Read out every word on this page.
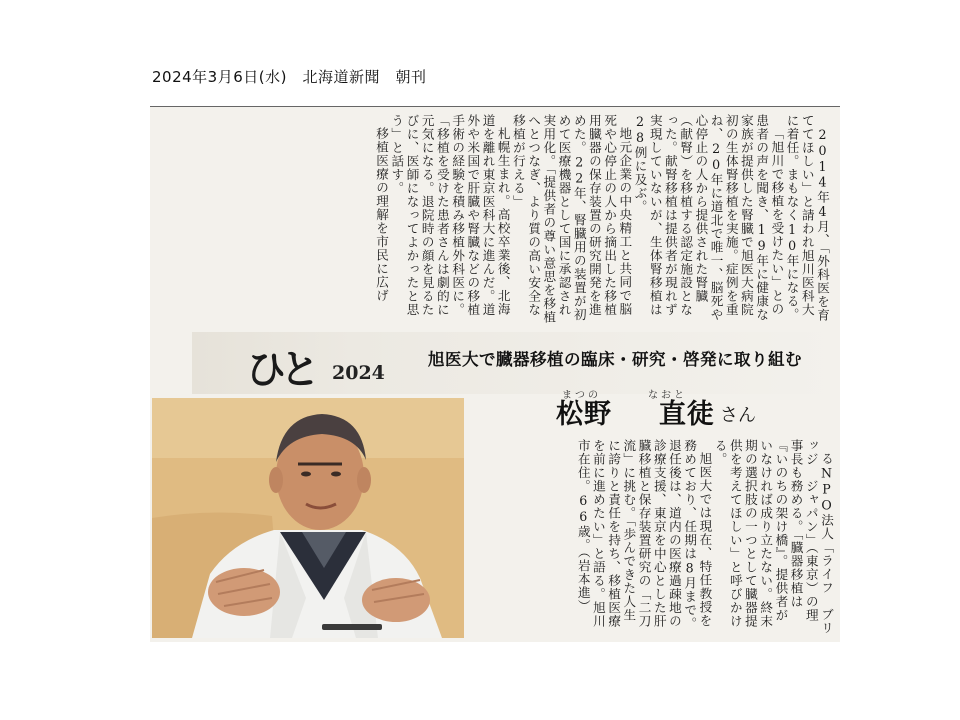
2024年3月6日(水)　北海道新聞　朝刊

2014年4月、「外科医を育ててほしい」と請われ旭川医科大に着任。まもなく10年になる。

「旭川で移植を受けたい」との患者の声を聞き、19年に健康な家族が提供した腎臓で旭医大病院初の生体腎移植を実施。症例を重ね、20年に道北で唯一、脳死や心停止の人から提供された腎臓（献腎）を移植する認定施設となった。献腎移植は提供者が現れず実現していないが、生体腎移植は28例に及ぶ。

地元企業の中央精工と共同で脳死や心停止の人から摘出した移植用臓器の保存装置の研究開発を進めた。22年、腎臓用の装置が初めて医療機器として国に承認され実用化。「提供者の尊い意思を移植へとつなぎ、より質の高い安全な移植が行える」

札幌生まれ。高校卒業後、北海道を離れ東京医科大に進んだ。道外や米国で肝臓や腎臓などの移植手術の経験を積み移植外科医に。「移植を受けた患者さんは劇的に元気になる。退院時の顔を見るたびに、医師になってよかったと思う」と話す。

移植医療の理解を市民に広げ

ひと 2024
旭医大で臓器移植の臨床・研究・啓発に取り組む
まつの	なおと
松野 直徒 さん

るNPO法人「ライフ　ブリッジ　ジャパン」（東京）の理事長も務める。「臓器移植は『いのちの架け橋』。提供者がいなければ成り立たない。終末期の選択肢の一つとして臓器提供を考えてほしい」と呼びかける。

旭医大では現在、特任教授を務めており、任期は8月まで。退任後は、道内の医療過疎地の診療支援、東京を中心とした肝臓移植と保存装置研究の「二刀流」に挑む。「歩んできた人生に誇りと責任を持ち、移植医療を前に進めたい」と語る。旭川市在住。66歳。（岩本進）
